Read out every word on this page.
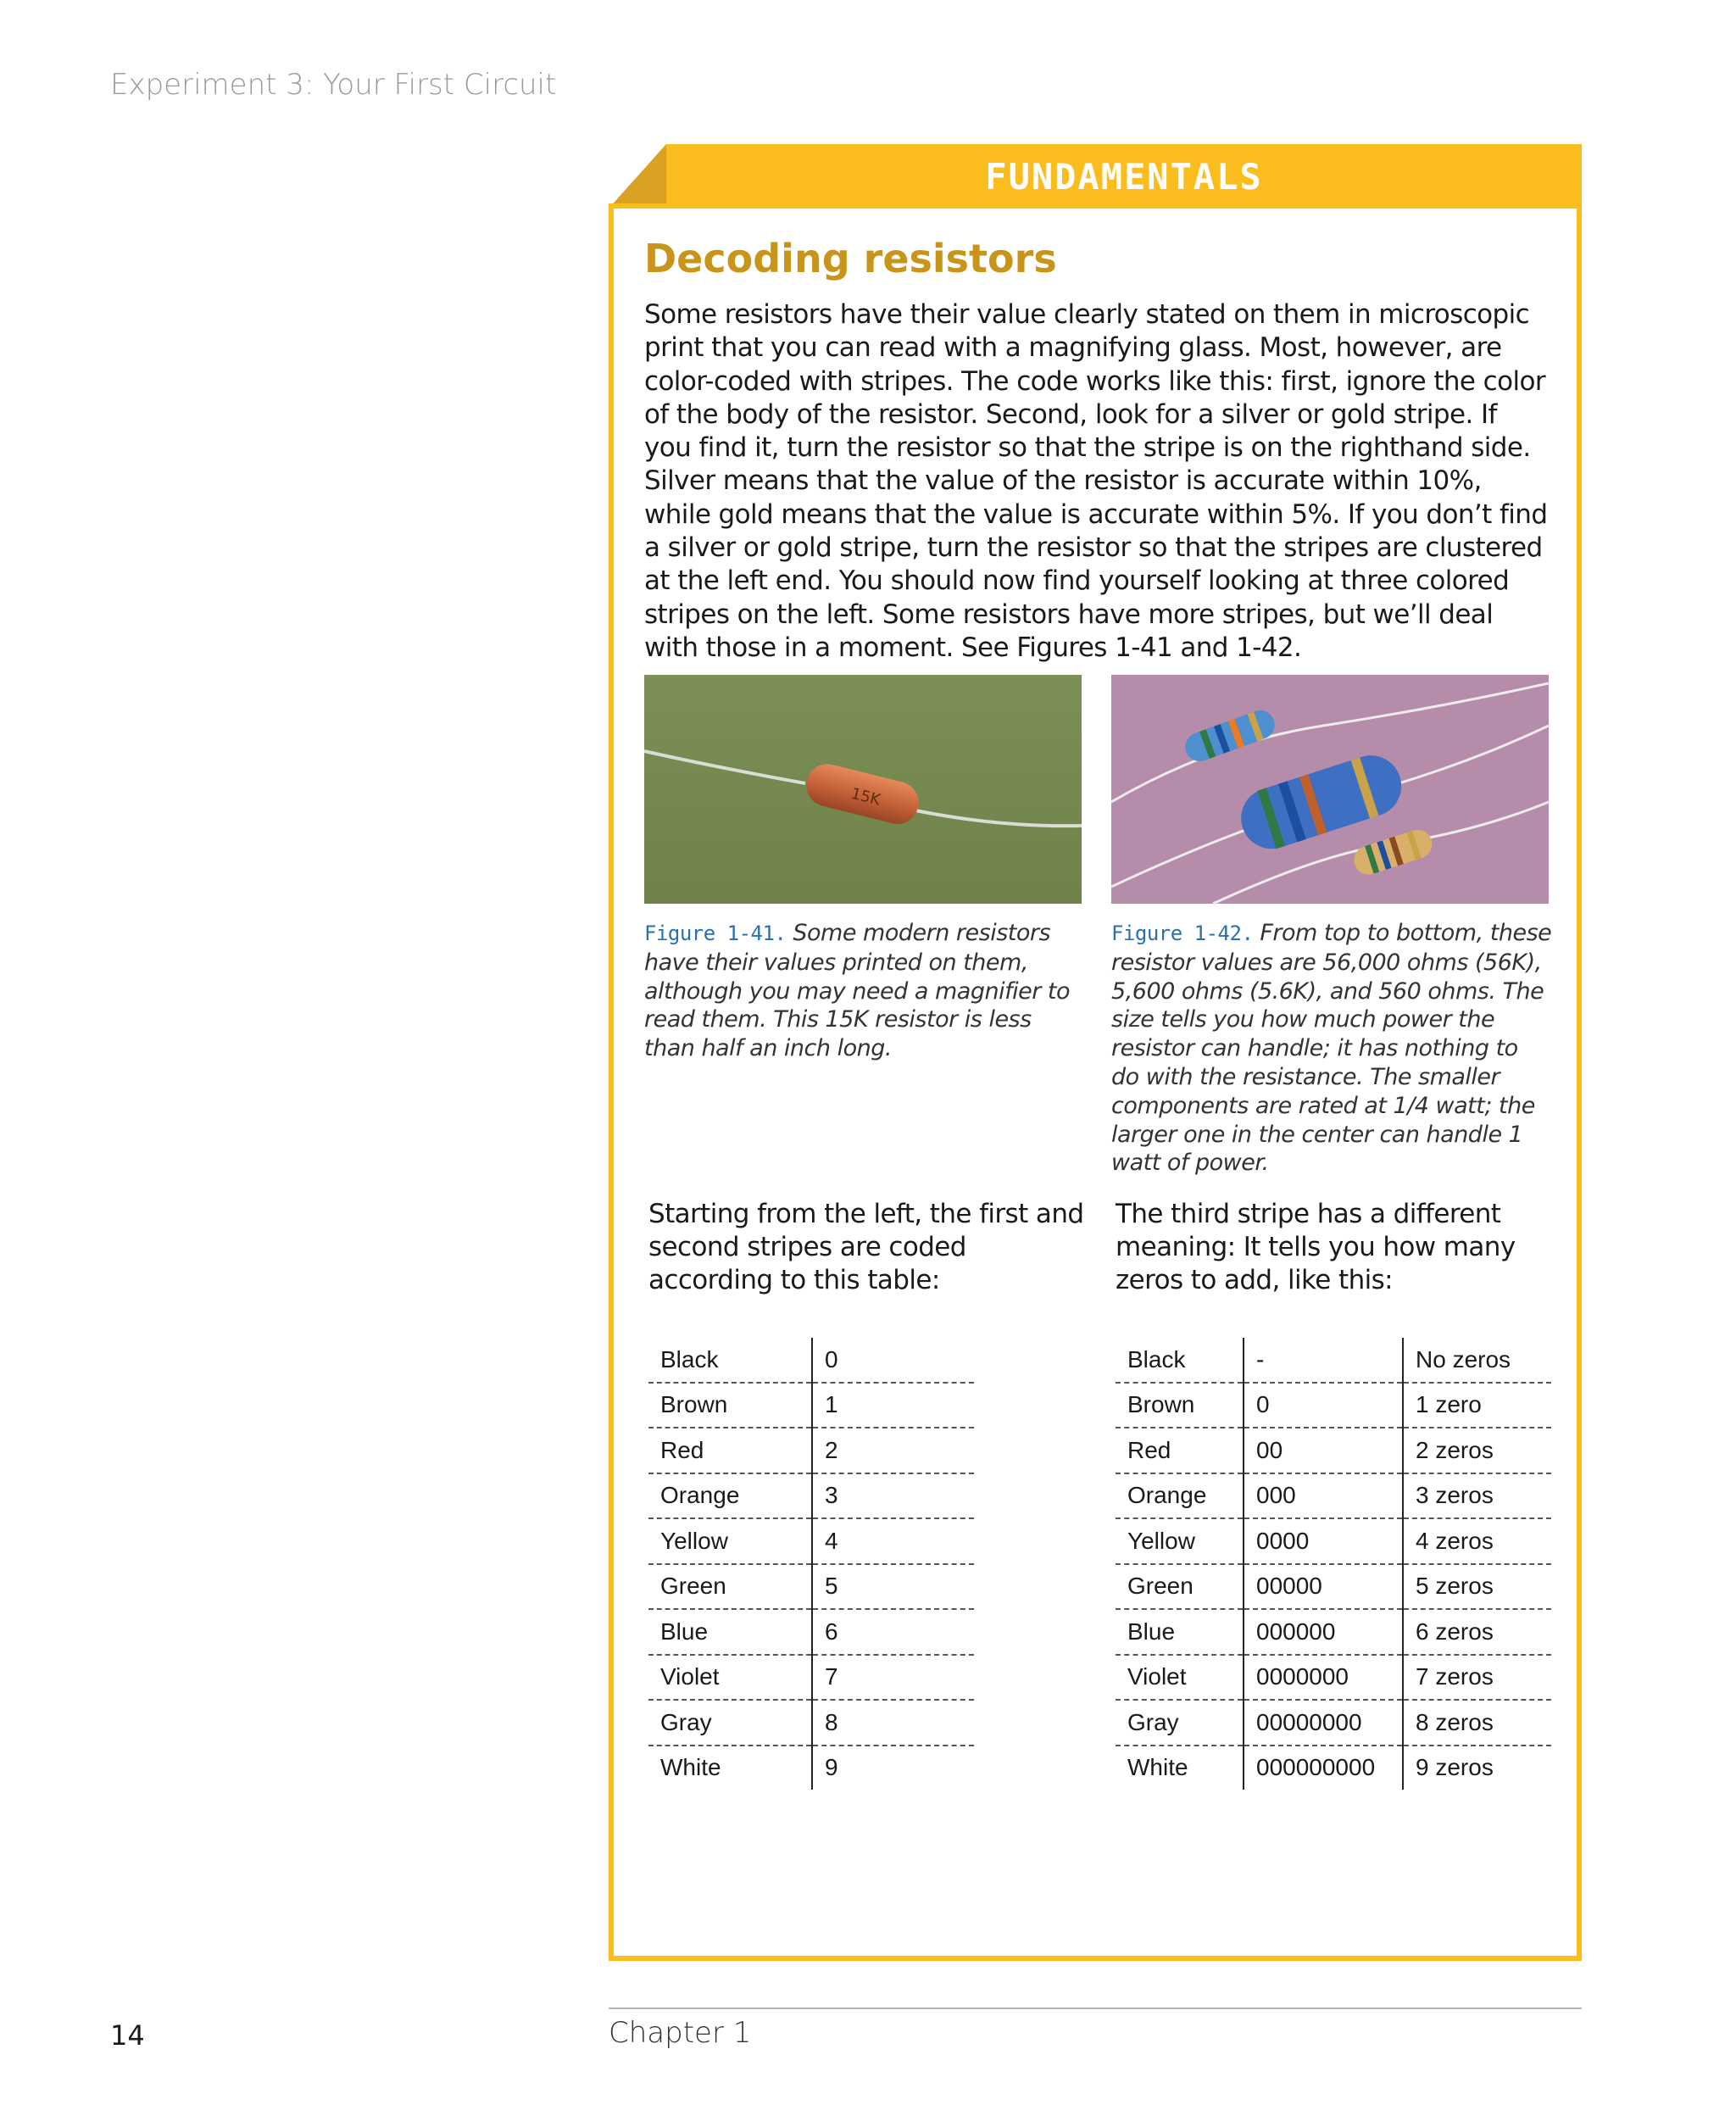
Experiment 3: Your First Circuit
FUNDAMENTALS
Decoding resistors
Some resistors have their value clearly stated on them in microscopic print that you can read with a magnifying glass. Most, however, are color-coded with stripes. The code works like this: first, ignore the color of the body of the resistor. Second, look for a silver or gold stripe. If you find it, turn the resistor so that the stripe is on the righthand side. Silver means that the value of the resistor is accurate within 10%, while gold means that the value is accurate within 5%. If you don’t find a silver or gold stripe, turn the resistor so that the stripes are clustered at the left end. You should now find yourself looking at three colored stripes on the left. Some resistors have more stripes, but we’ll deal with those in a moment. See Figures 1-41 and 1-42.
15K
Figure 1-41. Some modern resistors have their values printed on them, although you may need a magnifier to read them. This 15K resistor is less than half an inch long.
Figure 1-42. From top to bottom, these resistor values are 56,000 ohms (56K), 5,600 ohms (5.6K), and 560 ohms. The size tells you how much power the resistor can handle; it has nothing to do with the resistance. The smaller components are rated at 1/4 watt; the larger one in the center can handle 1 watt of power.
Starting from the left, the first and second stripes are coded according to this table:
The third stripe has a different meaning: It tells you how many zeros to add, like this:
Black	0
Brown	1
Red	2
Orange	3
Yellow	4
Green	5
Blue	6
Violet	7
Gray	8
White	9
Black	-	No zeros
Brown	0	1 zero
Red	00	2 zeros
Orange	000	3 zeros
Yellow	0000	4 zeros
Green	00000	5 zeros
Blue	000000	6 zeros
Violet	0000000	7 zeros
Gray	00000000	8 zeros
White	000000000	9 zeros
14	Chapter 1
